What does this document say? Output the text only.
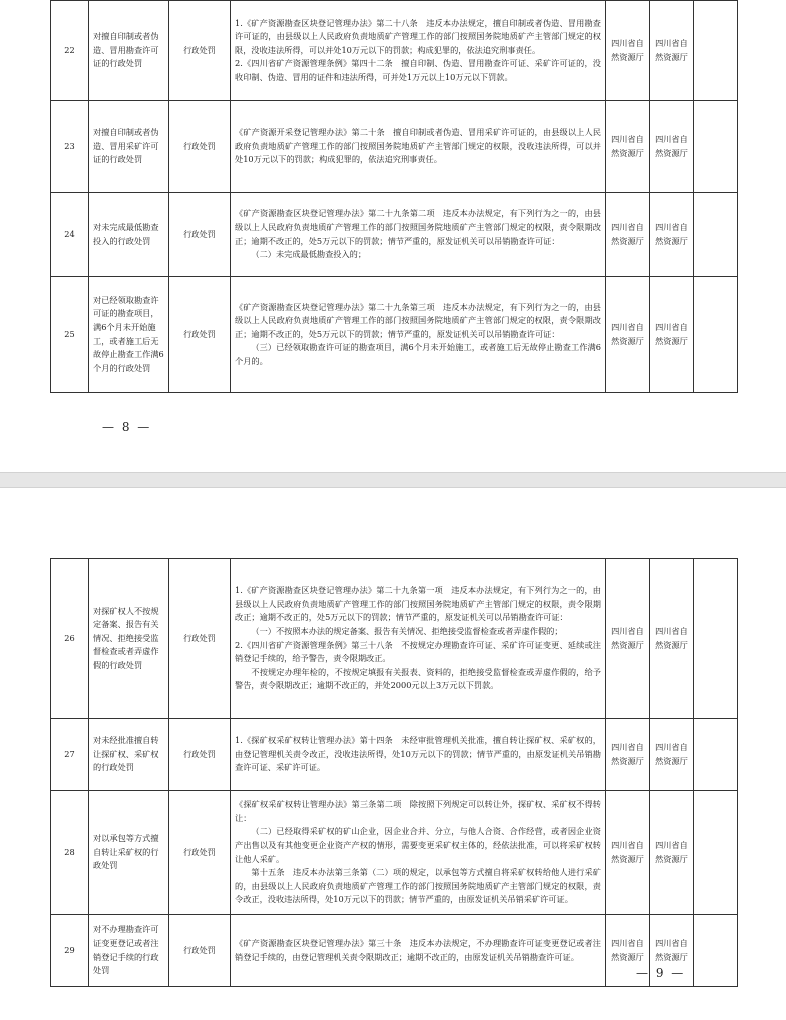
22	对擅自印制或者伪造、冒用勘查许可证的行政处罚	行政处罚	1.《矿产资源勘查区块登记管理办法》第二十八条　违反本办法规定，擅自印制或者伪造、冒用勘查许可证的，由县级以上人民政府负责地质矿产管理工作的部门按照国务院地质矿产主管部门规定的权限，没收违法所得，可以并处10万元以下的罚款；构成犯罪的，依法追究刑事责任。
2.《四川省矿产资源管理条例》第四十二条　擅自印制、伪造、冒用勘查许可证、采矿许可证的，没收印制、伪造、冒用的证件和违法所得，可并处1万元以上10万元以下罚款。	四川省自然资源厅	四川省自然资源厅	
23	对擅自印制或者伪造、冒用采矿许可证的行政处罚	行政处罚	《矿产资源开采登记管理办法》第二十条　擅自印制或者伪造、冒用采矿许可证的，由县级以上人民政府负责地质矿产管理工作的部门按照国务院地质矿产主管部门规定的权限，没收违法所得，可以并处10万元以下的罚款；构成犯罪的，依法追究刑事责任。	四川省自然资源厅	四川省自然资源厅	
24	对未完成最低勘查投入的行政处罚	行政处罚	《矿产资源勘查区块登记管理办法》第二十九条第二项　违反本办法规定，有下列行为之一的，由县级以上人民政府负责地质矿产管理工作的部门按照国务院地质矿产主管部门规定的权限，责令限期改正；逾期不改正的，处5万元以下的罚款；情节严重的，原发证机关可以吊销勘查许可证：
（二）未完成最低勘查投入的；	四川省自然资源厅	四川省自然资源厅	
25	对已经领取勘查许可证的勘查项目，满6个月未开始施工，或者施工后无故停止勘查工作满6个月的行政处罚	行政处罚	《矿产资源勘查区块登记管理办法》第二十九条第三项　违反本办法规定，有下列行为之一的，由县级以上人民政府负责地质矿产管理工作的部门按照国务院地质矿产主管部门规定的权限，责令限期改正；逾期不改正的，处5万元以下的罚款；情节严重的，原发证机关可以吊销勘查许可证：
（三）已经领取勘查许可证的勘查项目，满6个月未开始施工，或者施工后无故停止勘查工作满6个月的。	四川省自然资源厅	四川省自然资源厅	
— 8 —
26	对探矿权人不按规定备案、报告有关情况、拒绝接受监督检查或者弄虚作假的行政处罚	行政处罚	1.《矿产资源勘查区块登记管理办法》第二十九条第一项　违反本办法规定，有下列行为之一的，由县级以上人民政府负责地质矿产管理工作的部门按照国务院地质矿产主管部门规定的权限，责令限期改正；逾期不改正的，处5万元以下的罚款；情节严重的，原发证机关可以吊销勘查许可证：
（一）不按照本办法的规定备案、报告有关情况、拒绝接受监督检查或者弄虚作假的；
2.《四川省矿产资源管理条例》第三十八条　不按规定办理勘查许可证、采矿许可证变更、延续或注销登记手续的，给予警告，责令限期改正。
不按规定办理年检的，不按规定填报有关报表、资料的，拒绝接受监督检查或弄虚作假的，给予警告，责令限期改正；逾期不改正的，并处2000元以上3万元以下罚款。	四川省自然资源厅	四川省自然资源厅	
27	对未经批准擅自转让探矿权、采矿权的行政处罚	行政处罚	1.《探矿权采矿权转让管理办法》第十四条　未经审批管理机关批准，擅自转让探矿权、采矿权的，由登记管理机关责令改正，没收违法所得，处10万元以下的罚款；情节严重的，由原发证机关吊销勘查许可证、采矿许可证。	四川省自然资源厅	四川省自然资源厅	
28	对以承包等方式擅自转让采矿权的行政处罚	行政处罚	《探矿权采矿权转让管理办法》第三条第二项　除按照下列规定可以转让外，探矿权、采矿权不得转让：
（二）已经取得采矿权的矿山企业，因企业合并、分立，与他人合资、合作经营，或者因企业资产出售以及有其他变更企业资产产权的情形，需要变更采矿权主体的，经依法批准，可以将采矿权转让他人采矿。
第十五条　违反本办法第三条第（二）项的规定，以承包等方式擅自将采矿权转给他人进行采矿的，由县级以上人民政府负责地质矿产管理工作的部门按照国务院地质矿产主管部门规定的权限，责令改正，没收违法所得，处10万元以下的罚款；情节严重的，由原发证机关吊销采矿许可证。	四川省自然资源厅	四川省自然资源厅	
29	对不办理勘查许可证变更登记或者注销登记手续的行政处罚	行政处罚	《矿产资源勘查区块登记管理办法》第三十条　违反本办法规定，不办理勘查许可证变更登记或者注销登记手续的，由登记管理机关责令限期改正；逾期不改正的，由原发证机关吊销勘查许可证。	四川省自然资源厅	四川省自然资源厅	
— 9 —
